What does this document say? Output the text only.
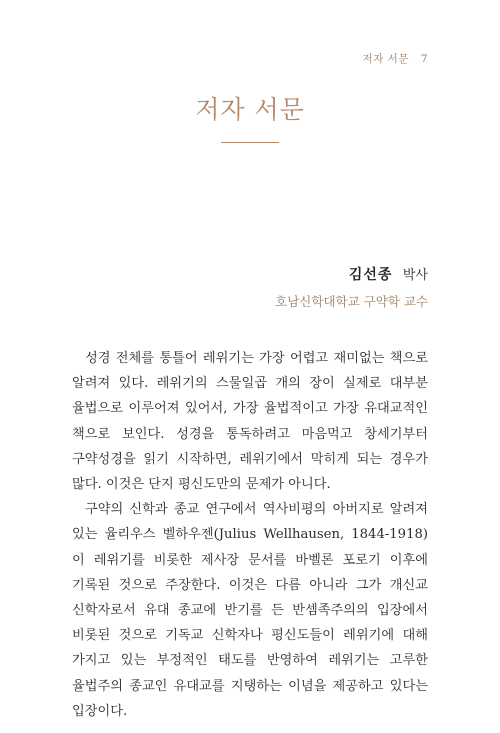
저자 서문 7
저자 서문
김선종 박사
호남신학대학교 구약학 교수

성경 전체를 통틀어 레위기는 가장 어렵고 재미없는 책으로 알려져 있다. 레위기의 스물일곱 개의 장이 실제로 대부분 율법으로 이루어져 있어서, 가장 율법적이고 가장 유대교적인 책으로 보인다. 성경을 통독하려고 마음먹고 창세기부터 구약성경을 읽기 시작하면, 레위기에서 막히게 되는 경우가 많다. 이것은 단지 평신도만의 문제가 아니다.

구약의 신학과 종교 연구에서 역사비평의 아버지로 알려져 있는 율리우스 벨하우젠(Julius Wellhausen, 1844-1918)이 레위기를 비롯한 제사장 문서를 바벨론 포로기 이후에 기록된 것으로 주장한다. 이것은 다름 아니라 그가 개신교 신학자로서 유대 종교에 반기를 든 반셈족주의의 입장에서 비롯된 것으로 기독교 신학자나 평신도들이 레위기에 대해 가지고 있는 부정적인 태도를 반영하여 레위기는 고루한 율법주의 종교인 유대교를 지탱하는 이념을 제공하고 있다는 입장이다.
